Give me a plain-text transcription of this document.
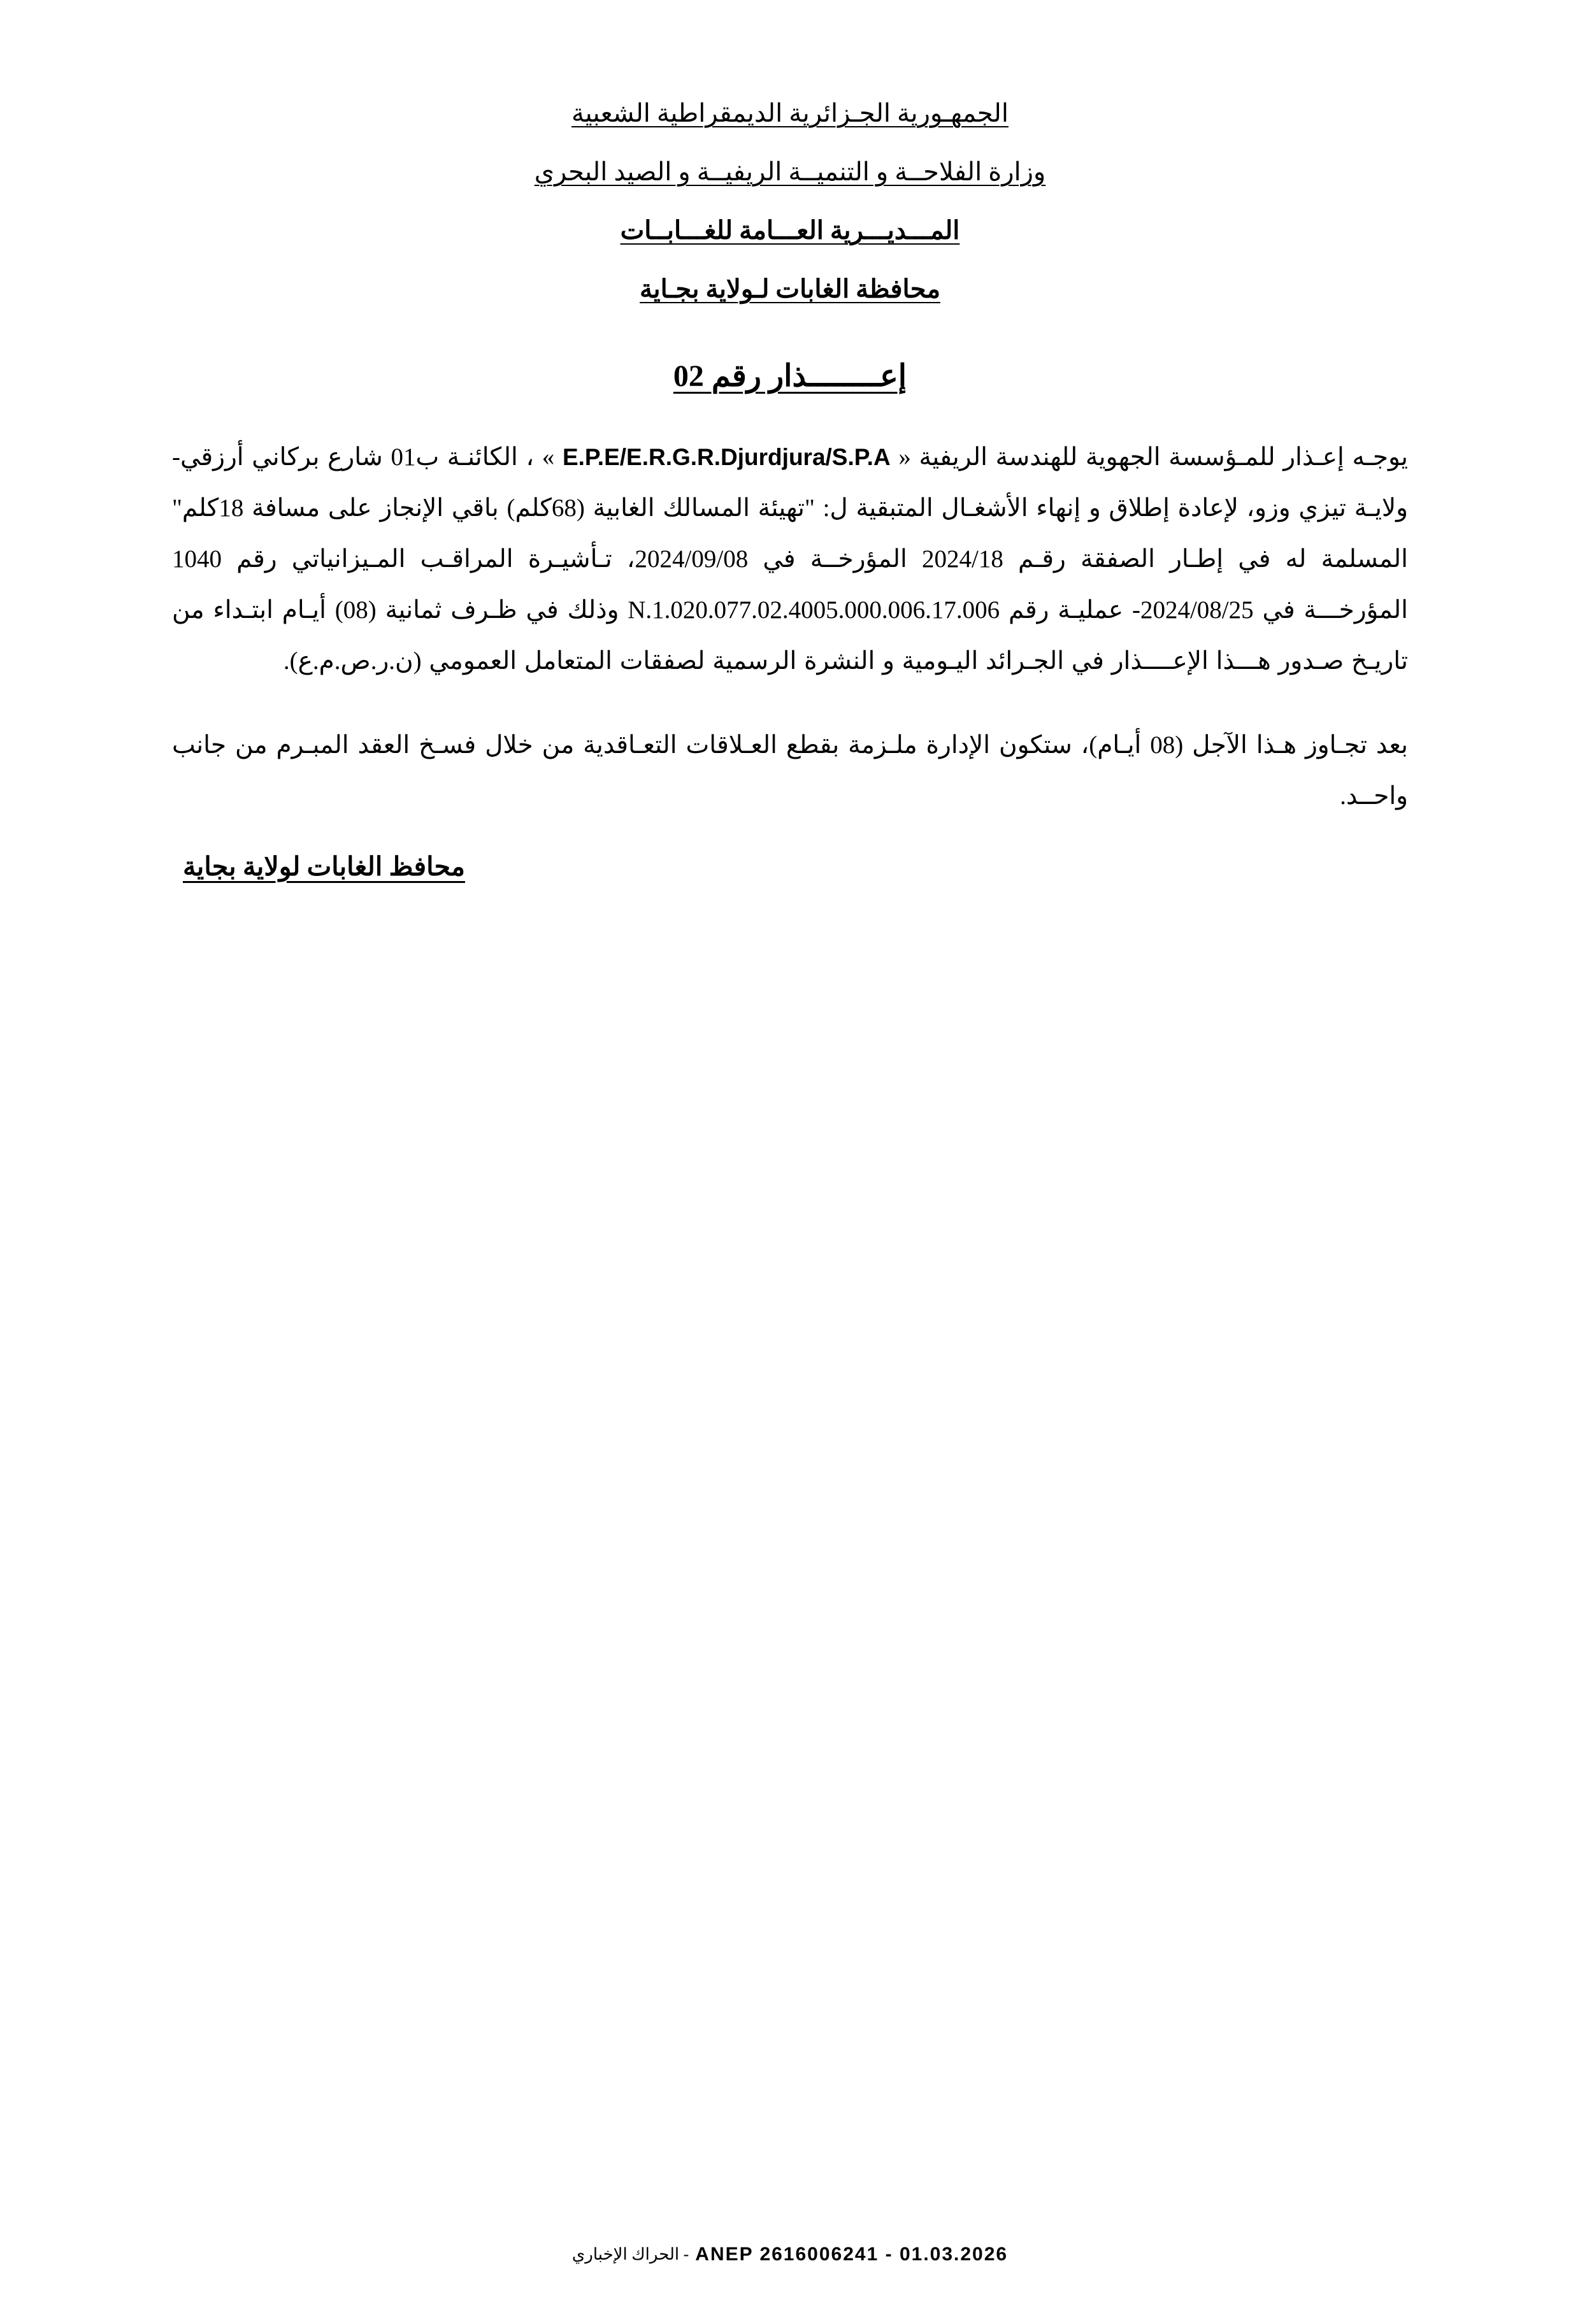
الجمهـورية الجـزائرية الديمقراطية الشعبية
وزارة الفلاحــة و التنميــة الريفيــة و الصيد البحري
المـــديـــرية العـــامة للغـــابــات
محافظة الغابات لـولاية بجـاية
إعــــــــذار رقم 02

يوجـه إعـذار للمـؤسسة الجهوية للهندسة الريفية « E.P.E/E.R.G.R.Djurdjura/S.P.A » ، الكائنـة ب01 شارع بركاني أرزقي- ولايـة تيزي وزو، لإعادة إطلاق و إنهاء الأشغـال المتبقية ل: "تهيئة المسالك الغابية (68كلم) باقي الإنجاز على مسافة 18كلم" المسلمة له في إطـار الصفقة رقـم 2024/18 المؤرخــة في 2024/09/08، تـأشيـرة المراقـب المـيزانياتي رقم 1040 المؤرخـــة في 2024/08/25- عمليـة رقم N.1.020.077.02.4005.000.006.17.006 وذلك في ظـرف ثمانية (08) أيـام ابتـداء من تاريـخ صـدور هـــذا الإعــــذار في الجـرائد اليـومية و النشرة الرسمية لصفقات المتعامل العمومي (ن.ر.ص.م.ع).

بعد تجـاوز هـذا الآجل (08 أيـام)، ستكون الإدارة ملـزمة بقطع العـلاقات التعـاقدية من خلال فسـخ العقد المبـرم من جانب واحــد.

محافظ الغابات لولاية بجاية
ANEP 2616006241 - 01.03.2026- الحراك الإخباري
